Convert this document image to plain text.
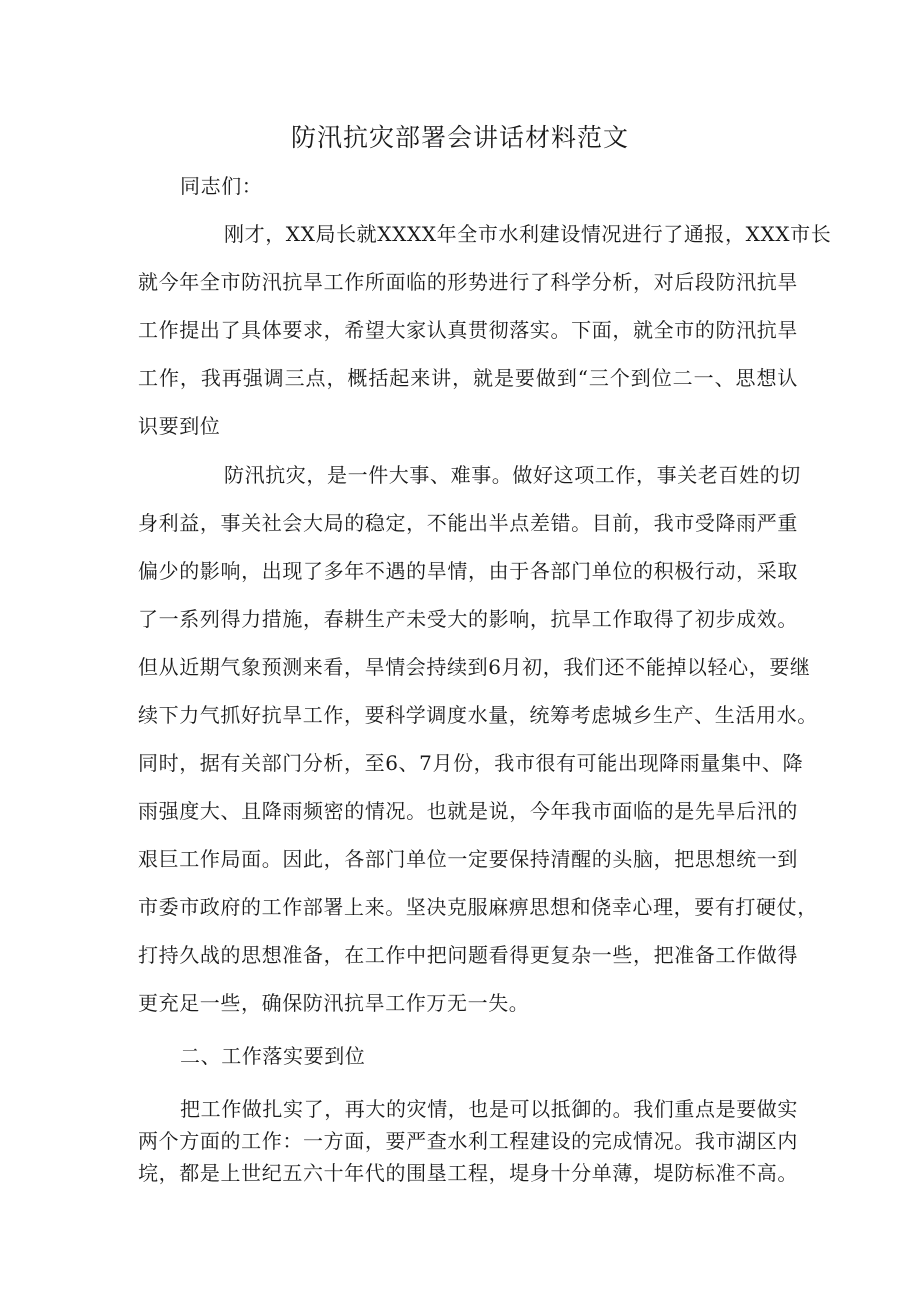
防汛抗灾部署会讲话材料范文

同志们：

刚才，XX局长就XXXX年全市水利建设情况进行了通报，XXX市长

就今年全市防汛抗旱工作所面临的形势进行了科学分析，对后段防汛抗旱

工作提出了具体要求，希望大家认真贯彻落实。下面，就全市的防汛抗旱

工作，我再强调三点，概括起来讲，就是要做到“三个到位二一、思想认

识要到位

防汛抗灾，是一件大事、难事。做好这项工作，事关老百姓的切

身利益，事关社会大局的稳定，不能出半点差错。目前，我市受降雨严重

偏少的影响，出现了多年不遇的旱情，由于各部门单位的积极行动，采取

了一系列得力措施，春耕生产未受大的影响，抗旱工作取得了初步成效。

但从近期气象预测来看，旱情会持续到6月初，我们还不能掉以轻心，要继

续下力气抓好抗旱工作，要科学调度水量，统筹考虑城乡生产、生活用水。

同时，据有关部门分析，至6、7月份，我市很有可能出现降雨量集中、降

雨强度大、且降雨频密的情况。也就是说，今年我市面临的是先旱后汛的

艰巨工作局面。因此，各部门单位一定要保持清醒的头脑，把思想统一到

市委市政府的工作部署上来。坚决克服麻痹思想和侥幸心理，要有打硬仗，

打持久战的思想准备，在工作中把问题看得更复杂一些，把准备工作做得

更充足一些，确保防汛抗旱工作万无一失。

二、工作落实要到位

把工作做扎实了，再大的灾情，也是可以抵御的。我们重点是要做实

两个方面的工作：一方面，要严查水利工程建设的完成情况。我市湖区内

垸，都是上世纪五六十年代的围垦工程，堤身十分单薄，堤防标准不高。
